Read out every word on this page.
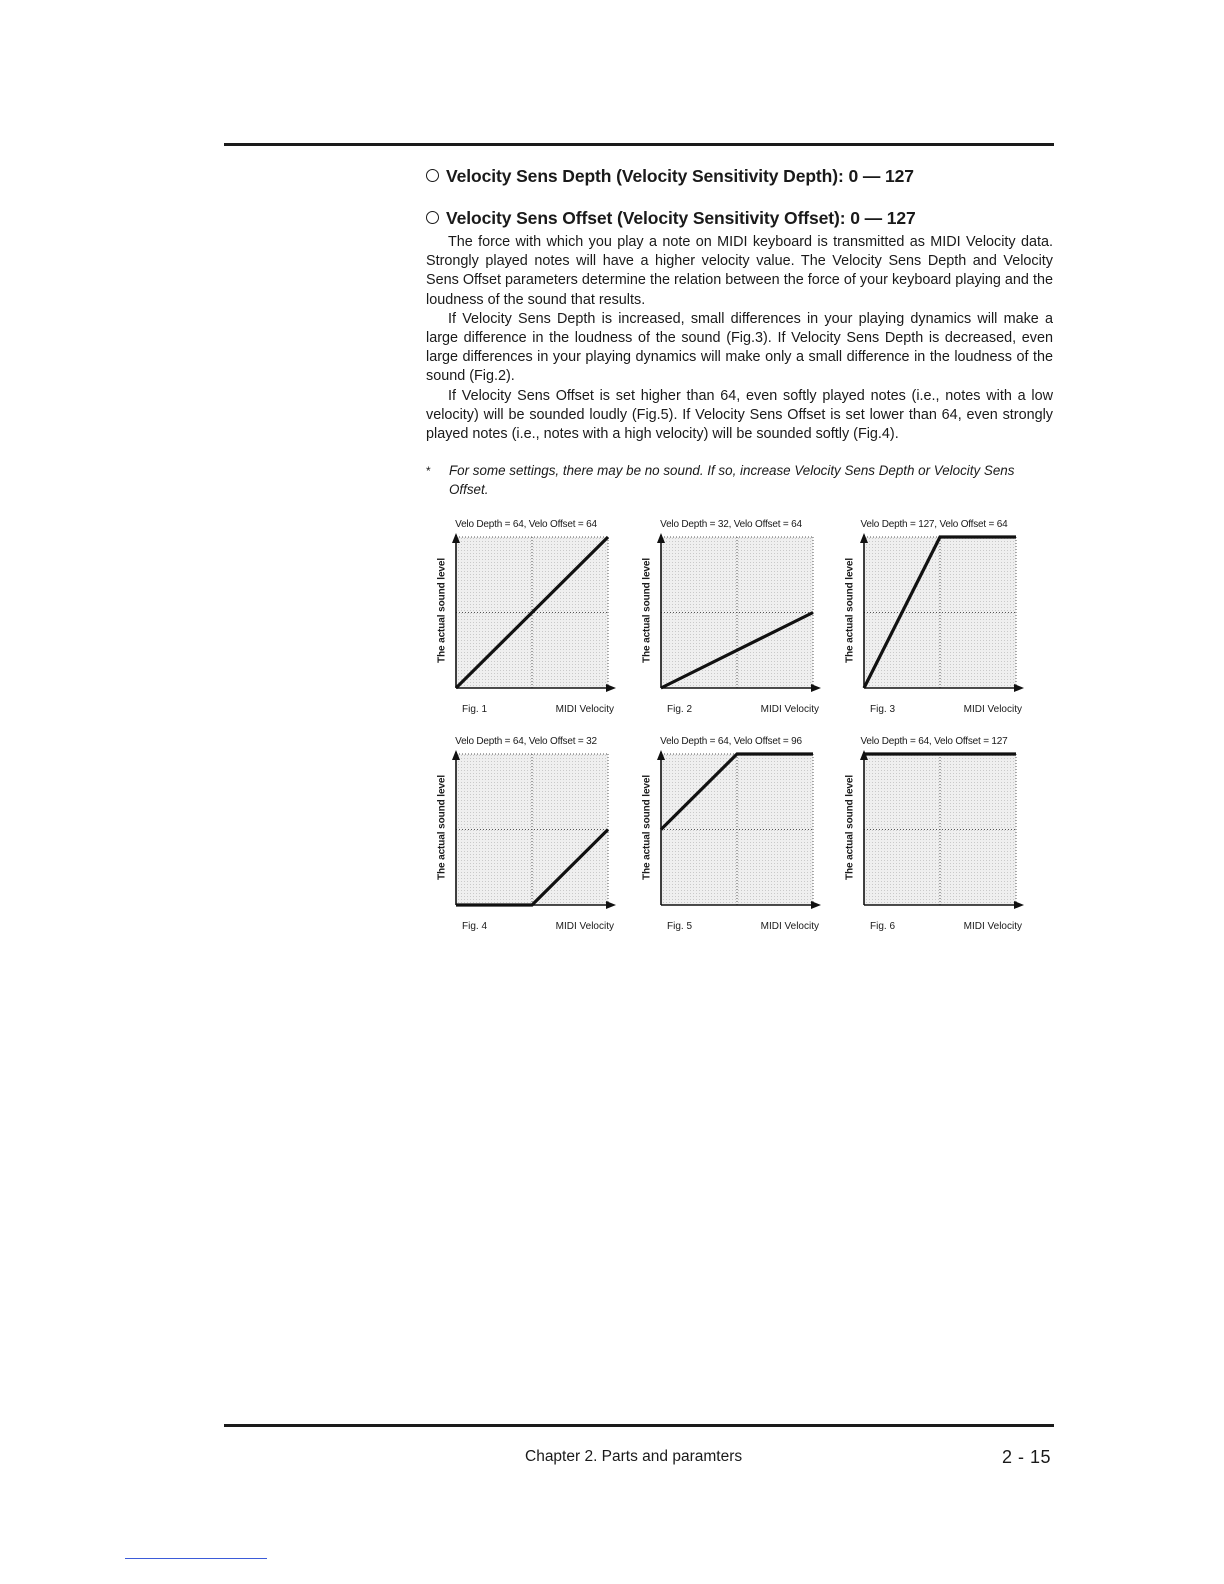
Velocity Sens Depth (Velocity Sensitivity Depth): 0 — 127
Velocity Sens Offset (Velocity Sensitivity Offset): 0 — 127

The force with which you play a note on MIDI keyboard is transmitted as MIDI Velocity data. Strongly played notes will have a higher velocity value. The Velocity Sens Depth and Velocity Sens Offset parameters determine the relation between the force of your keyboard playing and the loudness of the sound that results.

If Velocity Sens Depth is increased, small differences in your playing dynamics will make a large difference in the loudness of the sound (Fig.3). If Velocity Sens Depth is decreased, even large differences in your playing dynamics will make only a small difference in the loudness of the sound (Fig.2).

If Velocity Sens Offset is set higher than 64, even softly played notes (i.e., notes with a low velocity) will be sounded loudly (Fig.5). If Velocity Sens Offset is set lower than 64, even strongly played notes (i.e., notes with a high velocity) will be sounded softly (Fig.4).

*	For some settings, there may be no sound. If so, increase Velocity Sens Depth or Velocity Sens Offset.
Velo Depth = 64, Velo Offset = 64
The actual sound level
Fig. 1	MIDI Velocity
Velo Depth = 32, Velo Offset = 64
The actual sound level
Fig. 2	MIDI Velocity
Velo Depth = 127, Velo Offset = 64
The actual sound level
Fig. 3	MIDI Velocity
Velo Depth = 64, Velo Offset = 32
The actual sound level
Fig. 4	MIDI Velocity
Velo Depth = 64, Velo Offset = 96
The actual sound level
Fig. 5	MIDI Velocity
Velo Depth = 64, Velo Offset = 127
The actual sound level
Fig. 6	MIDI Velocity
Chapter 2. Parts and paramters	2 - 15
